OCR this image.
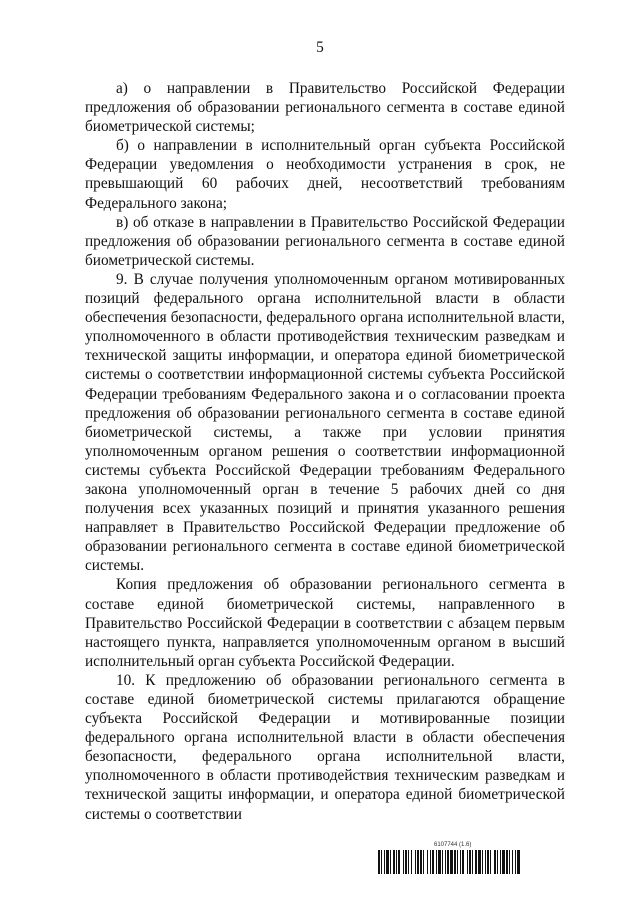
5

а) о направлении в Правительство Российской Федерации предложения об образовании регионального сегмента в составе единой биометрической системы;

б) о направлении в исполнительный орган субъекта Российской Федерации уведомления о необходимости устранения в срок, не превышающий 60 рабочих дней, несоответствий требованиям Федерального закона;

в) об отказе в направлении в Правительство Российской Федерации предложения об образовании регионального сегмента в составе единой биометрической системы.

9. В случае получения уполномоченным органом мотивированных позиций федерального органа исполнительной власти в области обеспечения безопасности, федерального органа исполнительной власти, уполномоченного в области противодействия техническим разведкам и технической защиты информации, и оператора единой биометрической системы о соответствии информационной системы субъекта Российской Федерации требованиям Федерального закона и о согласовании проекта предложения об образовании регионального сегмента в составе единой биометрической системы, а также при условии принятия уполномоченным органом решения о соответствии информационной системы субъекта Российской Федерации требованиям Федерального закона уполномоченный орган в течение 5 рабочих дней со дня получения всех указанных позиций и принятия указанного решения направляет в Правительство Российской Федерации предложение об образовании регионального сегмента в составе единой биометрической системы.

Копия предложения об образовании регионального сегмента в составе единой биометрической системы, направленного в Правительство Российской Федерации в соответствии с абзацем первым настоящего пункта, направляется уполномоченным органом в высший исполнительный орган субъекта Российской Федерации.

10. К предложению об образовании регионального сегмента в составе единой биометрической системы прилагаются обращение субъекта Российской Федерации и мотивированные позиции федерального органа исполнительной власти в области обеспечения безопасности, федерального органа исполнительной власти, уполномоченного в области противодействия техническим разведкам и технической защиты информации, и оператора единой биометрической системы о соответствии

6107744 (1.6)
